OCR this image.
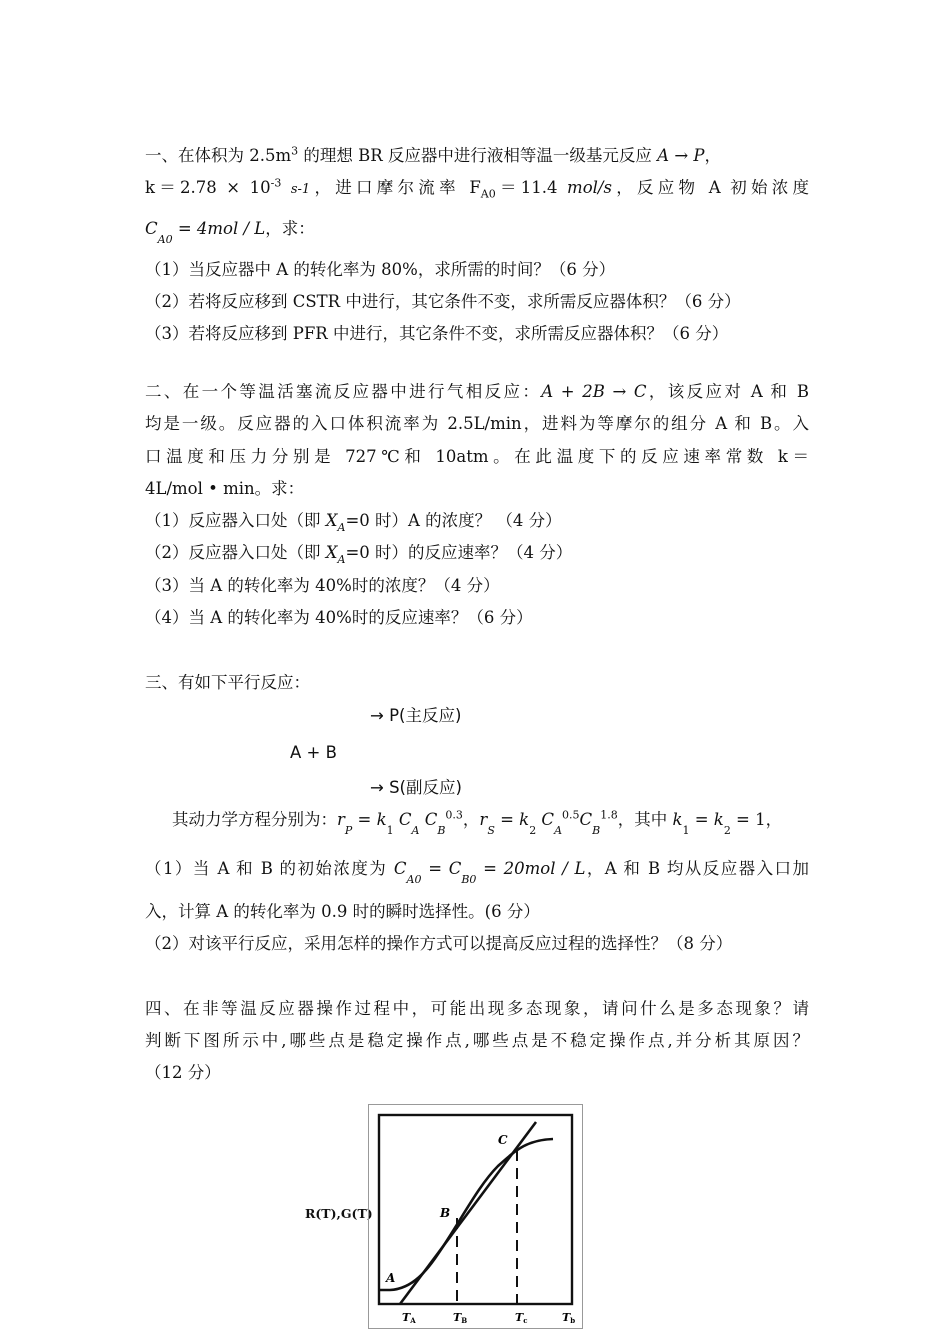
一、在体积为 $2.5m^3$ 的理想 BR 反应器中进行液相等温一级基元反应 A → P，
$k=2.78 \times 10^{-3}$ s-1，进口摩尔流率 $F_{A0}=11.4$ mol/s，反应物 A 初始浓度
$C_{A0} = 4mol / L$，求：
（1）当反应器中 A 的转化率为 80%，求所需的时间？（6 分）
（2）若将反应移到 CSTR 中进行，其它条件不变，求所需反应器体积？（6 分）
（3）若将反应移到 PFR 中进行，其它条件不变，求所需反应器体积？（6 分）
二、在一个等温活塞流反应器中进行气相反应：A + 2B → C，该反应对 A 和 B
均是一级。反应器的入口体积流率为 2.5L/min，进料为等摩尔的组分 A 和 B。入
口温度和压力分别是 727℃和 10atm。在此温度下的反应速率常数 k＝
4L/mol • min。求：
（1）反应器入口处（即 $X_A=0$ 时）A 的浓度？ （4 分）
（2）反应器入口处（即 $X_A=0$ 时）的反应速率？（4 分）
（3）当 A 的转化率为 40%时的浓度？（4 分）
（4）当 A 的转化率为 40%时的反应速率？（6 分）
三、有如下平行反应：
→ P(主反应)
A + B
→ S(副反应)
其动力学方程分别为：$r_P = k_1$ $C_A$ $C_B^{0.3}$，$r_S = k_2$ $C_A^{0.5}C_B^{1.8}$，其中 $k_1 = k_2 = 1$，
（1）当 A 和 B 的初始浓度为 $C_{A0} = C_{B0} = 20mol / L$，A 和 B 均从反应器入口加
入，计算 A 的转化率为 0.9 时的瞬时选择性。(6 分）
（2）对该平行反应，采用怎样的操作方式可以提高反应过程的选择性？（8 分）
四、在非等温反应器操作过程中，可能出现多态现象，请问什么是多态现象？请
判断下图所示中,哪些点是稳定操作点,哪些点是不稳定操作点,并分析其原因？
（12 分）
R(T),G(T)
A
B
C
TA	TB	Tc	Tb
